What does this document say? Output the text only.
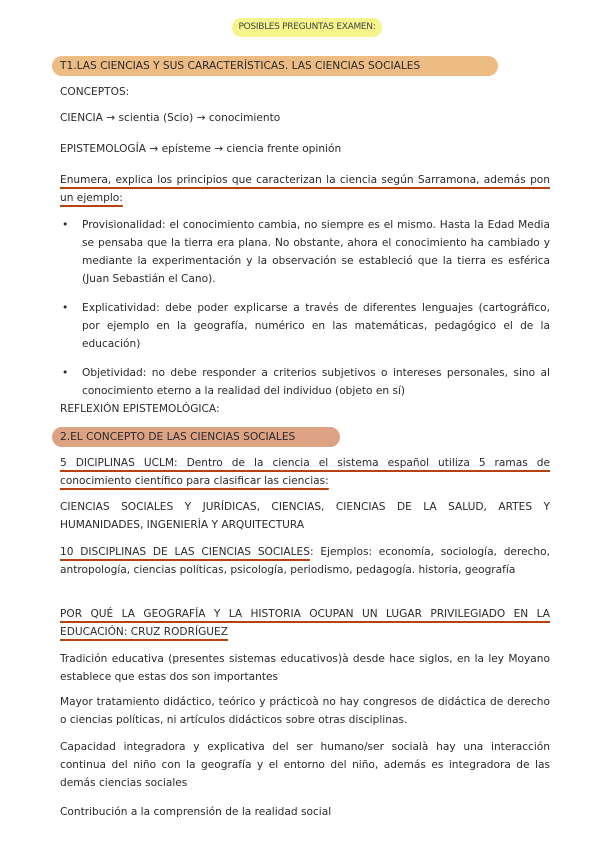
POSIBLES PREGUNTAS EXAMEN:
T1.LAS CIENCIAS Y SUS CARACTERÍSTICAS. LAS CIENCIAS SOCIALES

CONCEPTOS:

CIENCIA → scientia (Scio) → conocimiento

EPISTEMOLOGÍA → epísteme → ciencia frente opinión

Enumera, explica los principios que caracterizan la ciencia según Sarramona, además pon un ejemplo:

• Provisionalidad: el conocimiento cambia, no siempre es el mismo. Hasta la Edad Media se pensaba que la tierra era plana. No obstante, ahora el conocimiento ha cambiado y mediante la experimentación y la observación se estableció que la tierra es esférica (Juan Sebastián el Cano).
• Explicatividad: debe poder explicarse a través de diferentes lenguajes (cartográfico, por ejemplo en la geografía, numérico en las matemáticas, pedagógico el de la educación)
• Objetividad: no debe responder a criterios subjetivos o intereses personales, sino al conocimiento eterno a la realidad del individuo (objeto en sí)

REFLEXIÓN EPISTEMOLÓGICA:

2.EL CONCEPTO DE LAS CIENCIAS SOCIALES

5 DICIPLINAS UCLM: Dentro de la ciencia el sistema español utiliza 5 ramas de conocimiento científico para clasificar las ciencias:

CIENCIAS SOCIALES Y JURÍDICAS, CIENCIAS, CIENCIAS DE LA SALUD, ARTES Y HUMANIDADES, INGENIERÍA Y ARQUITECTURA

10 DISCIPLINAS DE LAS CIENCIAS SOCIALES: Ejemplos: economía, sociología, derecho, antropología, ciencias políticas, psicología, periodismo, pedagogía. historia, geografía

POR QUÉ LA GEOGRAFÍA Y LA HISTORIA OCUPAN UN LUGAR PRIVILEGIADO EN LA EDUCACIÓN: CRUZ RODRÍGUEZ

Tradición educativa (presentes sistemas educativos)à desde hace siglos, en la ley Moyano establece que estas dos son importantes

Mayor tratamiento didáctico, teórico y prácticoà no hay congresos de didáctica de derecho o ciencias políticas, ni artículos didácticos sobre otras disciplinas.

Capacidad integradora y explicativa del ser humano/ser socialà hay una interacción continua del niño con la geografía y el entorno del niño, además es integradora de las demás ciencias sociales

Contribución a la comprensión de la realidad social
